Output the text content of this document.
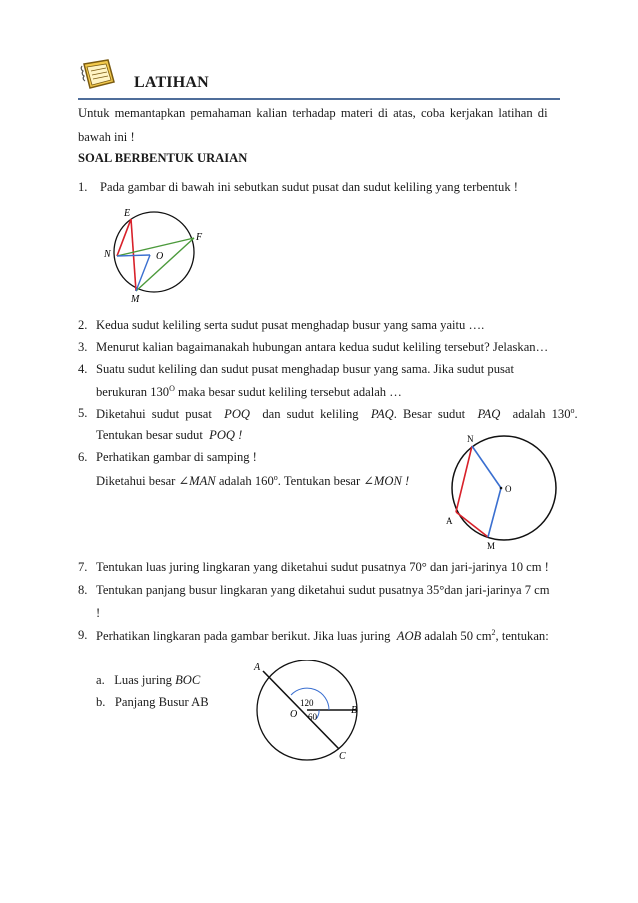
LATIHAN
Untuk memantapkan pemahaman kalian terhadap materi di atas, coba kerjakan latihan di
bawah ini !
SOAL BERBENTUK URAIAN
1. Pada gambar di bawah ini sebutkan sudut pusat dan sudut keliling yang terbentuk !
E
F
N	O
M
2. Kedua sudut keliling serta sudut pusat menghadap busur yang sama yaitu ….
3. Menurut kalian bagaimanakah hubungan antara kedua sudut keliling tersebut? Jelaskan…
4. Suatu sudut keliling dan sudut pusat menghadap busur yang sama. Jika sudut pusat
berukuran $130^O$ maka besar sudut keliling tersebut adalah …
5. Diketahui sudut pusat POQ dan sudut keliling PAQ. Besar sudut PAQ adalah 130$^o$.
Tentukan besar sudut POQ !
6. Perhatikan gambar di samping !
Diketahui besar ∠MAN adalah 160$^o$. Tentukan besar ∠MON !
N
O
A
M
7. Tentukan luas juring lingkaran yang diketahui sudut pusatnya 70° dan jari-jarinya 10 cm !
8. Tentukan panjang busur lingkaran yang diketahui sudut pusatnya 35°dan jari-jarinya 7 cm
!
9. Perhatikan lingkaran pada gambar berikut. Jika luas juring AOB adalah 50 $cm^2$, tentukan:
a. Luas juring BOC
b. Panjang Busur AB
A
B
C
O
120
60
